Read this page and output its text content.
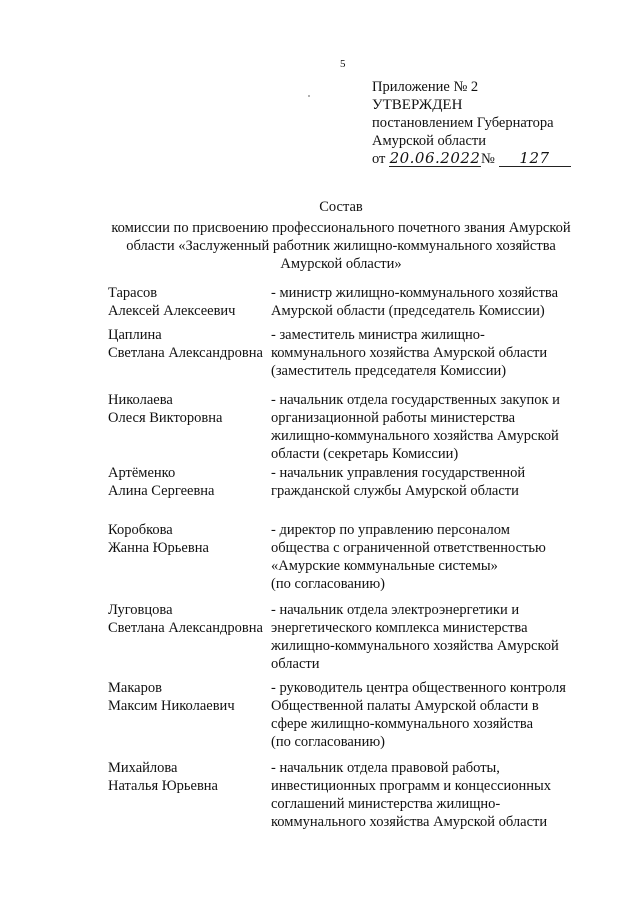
5
Приложение № 2
УТВЕРЖДЕН
постановлением Губернатора
Амурской области
от 20.06.2022№ 127
Состав
комиссии по присвоению профессионального почетного звания Амурской
области «Заслуженный работник жилищно-коммунального хозяйства
Амурской области»
Тарасов
Алексей Алексеевич
- министр жилищно-коммунального хозяйства
Амурской области (председатель Комиссии)
Цаплина
Светлана Александровна
- заместитель министра жилищно-
коммунального хозяйства Амурской области
(заместитель председателя Комиссии)
Николаева
Олеся Викторовна
- начальник отдела государственных закупок и
организационной работы министерства
жилищно-коммунального хозяйства Амурской
области (секретарь Комиссии)
Артёменко
Алина Сергеевна
- начальник управления государственной
гражданской службы Амурской области
Коробкова
Жанна Юрьевна
- директор по управлению персоналом
общества с ограниченной ответственностью
«Амурские коммунальные системы»
(по согласованию)
Луговцова
Светлана Александровна
- начальник отдела электроэнергетики и
энергетического комплекса министерства
жилищно-коммунального хозяйства Амурской
области
Макаров
Максим Николаевич
- руководитель центра общественного контроля
Общественной палаты Амурской области в
сфере жилищно-коммунального хозяйства
(по согласованию)
Михайлова
Наталья Юрьевна
- начальник отдела правовой работы,
инвестиционных программ и концессионных
соглашений министерства жилищно-
коммунального хозяйства Амурской области
